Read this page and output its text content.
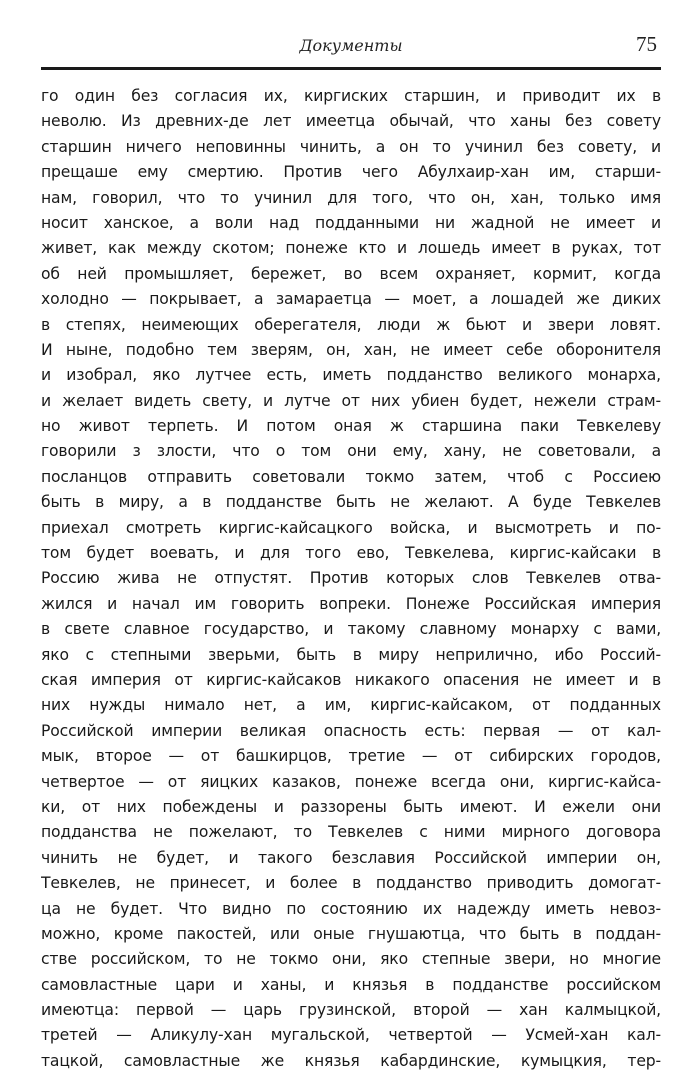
Документы	75
го один без согласия их, киргиских старшин, и приводит их в
неволю. Из древних-де лет имеетца обычай, что ханы без совету
старшин ничего неповинны чинить, а он то учинил без совету, и
прещаше ему смертию. Против чего Абулхаир-хан им, старши-
нам, говорил, что то учинил для того, что он, хан, только имя
носит ханское, а воли над подданными ни жадной не имеет и
живет, как между скотом; понеже кто и лошедь имеет в руках, тот
об ней промышляет, бережет, во всем охраняет, кормит, когда
холодно — покрывает, а замараетца — моет, а лошадей же диких
в степях, неимеющих оберегателя, люди ж бьют и звери ловят.
И ныне, подобно тем зверям, он, хан, не имеет себе оборонителя
и изобрал, яко лутчее есть, иметь подданство великого монарха,
и желает видеть свету, и лутче от них убиен будет, нежели страм-
но живот терпеть. И потом оная ж старшина паки Тевкелеву
говорили з злости, что о том они ему, хану, не советовали, а
посланцов отправить советовали токмо затем, чтоб с Россиею
быть в миру, а в подданстве быть не желают. А буде Тевкелев
приехал смотреть киргис-кайсацкого войска, и высмотреть и по-
том будет воевать, и для того ево, Тевкелева, киргис-кайсаки в
Россию жива не отпустят. Против которых слов Тевкелев отва-
жился и начал им говорить вопреки. Понеже Российская империя
в свете славное государство, и такому славному монарху с вами,
яко с степными зверьми, быть в миру неприлично, ибо Россий-
ская империя от киргис-кайсаков никакого опасения не имеет и в
них нужды нимало нет, а им, киргис-кайсаком, от подданных
Российской империи великая опасность есть: первая — от кал-
мык, второе — от башкирцов, третие — от сибирских городов,
четвертое — от яицких казаков, понеже всегда они, киргис-кайса-
ки, от них побеждены и раззорены быть имеют. И ежели они
подданства не пожелают, то Тевкелев с ними мирного договора
чинить не будет, и такого безславия Российской империи он,
Тевкелев, не принесет, и более в подданство приводить домогат-
ца не будет. Что видно по состоянию их надежду иметь невоз-
можно, кроме пакостей, или оные гнушаютца, что быть в поддан-
стве российском, то не токмо они, яко степные звери, но многие
самовластные цари и ханы, и князья в подданстве российском
имеютца: первой — царь грузинской, второй — хан калмыцкой,
третей — Аликулу-хан мугальской, четвертой — Усмей-хан кал-
тацкой, самовластные же князья кабардинские, кумыцкия, тер-
